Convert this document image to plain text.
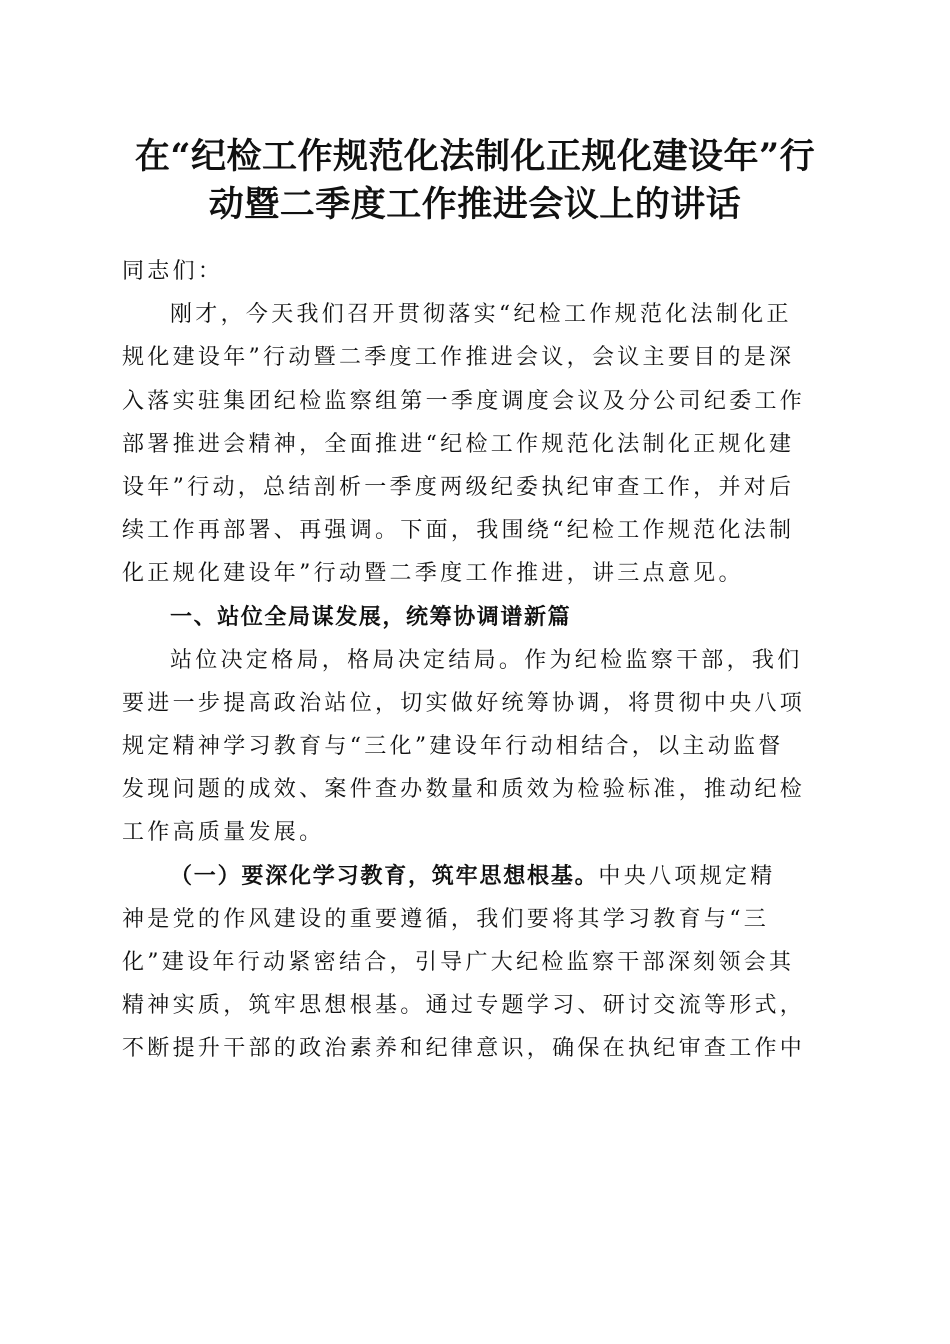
在“纪检工作规范化法制化正规化建设年”行
动暨二季度工作推进会议上的讲话
同志们：
刚才，今天我们召开贯彻落实“纪检工作规范化法制化正
规化建设年”行动暨二季度工作推进会议，会议主要目的是深
入落实驻集团纪检监察组第一季度调度会议及分公司纪委工作
部署推进会精神，全面推进“纪检工作规范化法制化正规化建
设年”行动，总结剖析一季度两级纪委执纪审查工作，并对后
续工作再部署、再强调。下面，我围绕“纪检工作规范化法制
化正规化建设年”行动暨二季度工作推进，讲三点意见。
一、站位全局谋发展，统筹协调谱新篇
站位决定格局，格局决定结局。作为纪检监察干部，我们
要进一步提高政治站位，切实做好统筹协调，将贯彻中央八项
规定精神学习教育与“三化”建设年行动相结合，以主动监督
发现问题的成效、案件查办数量和质效为检验标准，推动纪检
工作高质量发展。
（一）要深化学习教育，筑牢思想根基。中央八项规定精
神是党的作风建设的重要遵循，我们要将其学习教育与“三
化”建设年行动紧密结合，引导广大纪检监察干部深刻领会其
精神实质，筑牢思想根基。通过专题学习、研讨交流等形式，
不断提升干部的政治素养和纪律意识，确保在执纪审查工作中
